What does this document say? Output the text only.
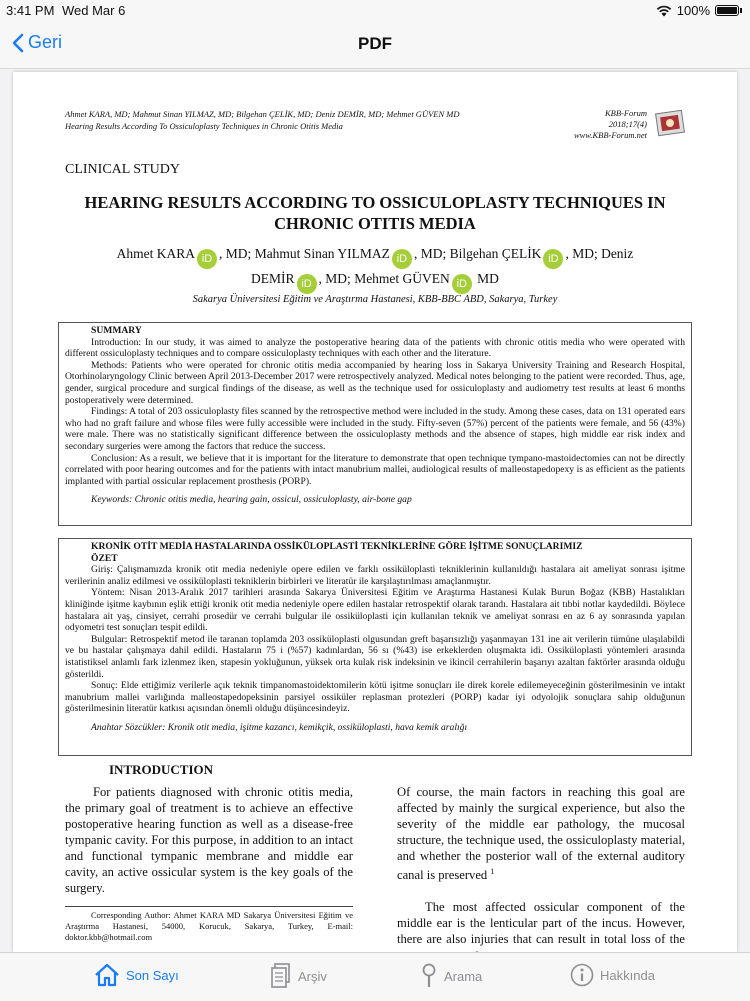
3:41 PM Wed Mar 6	100%
Geri	PDF
Ahmet KARA, MD; Mahmut Sinan YILMAZ, MD; Bilgehan ÇELİK, MD; Deniz DEMİR, MD; Mehmet GÜVEN MD
Hearing Results According To Ossiculoplasty Techniques in Chronic Otitis Media
KBB-Forum
2018;17(4)
www.KBB-Forum.net
CLINICAL STUDY
HEARING RESULTS ACCORDING TO OSSICULOPLASTY TECHNIQUES IN CHRONIC OTITIS MEDIA
Ahmet KARA iD , MD; Mahmut Sinan YILMAZ iD , MD; Bilgehan ÇELİK iD , MD; Deniz
DEMİR iD , MD; Mehmet GÜVEN iD MD
Sakarya Üniversitesi Eğitim ve Araştırma Hastanesi, KBB-BBC ABD, Sakarya, Turkey
SUMMARY

Introduction: In our study, it was aimed to analyze the postoperative hearing data of the patients with chronic otitis media who were operated with different ossiculoplasty techniques and to compare ossiculoplasty techniques with each other and the literature.

Methods: Patients who were operated for chronic otitis media accompanied by hearing loss in Sakarya University Training and Research Hospital, Otorhinolaryngology Clinic between April 2013-December 2017 were retrospectively analyzed. Medical notes belonging to the patient were recorded. Thus, age, gender, surgical procedure and surgical findings of the disease, as well as the technique used for ossiculoplasty and audiometry test results at least 6 months postoperatively were determined.

Findings: A total of 203 ossiculoplasty files scanned by the retrospective method were included in the study. Among these cases, data on 131 operated ears who had no graft failure and whose files were fully accessible were included in the study. Fifty-seven (57%) percent of the patients were female, and 56 (43%) were male. There was no statistically significant difference between the ossiculoplasty methods and the absence of stapes, high middle ear risk index and secondary surgeries were among the factors that reduce the success.

Conclusion: As a result, we believe that it is important for the literature to demonstrate that open technique tympano-mastoidectomies can not be directly correlated with poor hearing outcomes and for the patients with intact manubrium mallei, audiological results of malleostapedopexy is as efficient as the patients implanted with partial ossicular replacement prosthesis (PORP).

Keywords: Chronic otitis media, hearing gain, ossicul, ossiculoplasty, air-bone gap
KRONİK OTİT MEDİA HASTALARINDA OSSİKÜLOPLASTİ TEKNİKLERİNE GÖRE İŞİTME SONUÇLARIMIZ
ÖZET

Giriş: Çalışmamızda kronik otit media nedeniyle opere edilen ve farklı ossiküloplasti tekniklerinin kullanıldığı hastalara ait ameliyat sonrası işitme verilerinin analiz edilmesi ve ossiküloplasti tekniklerin birbirleri ve literatür ile karşılaştırılması amaçlanmıştır.

Yöntem: Nisan 2013-Aralık 2017 tarihleri arasında Sakarya Üniversitesi Eğitim ve Araştırma Hastanesi Kulak Burun Boğaz (KBB) Hastalıkları kliniğinde işitme kaybının eşlik ettiği kronik otit media nedeniyle opere edilen hastalar retrospektif olarak tarandı. Hastalara ait tıbbi notlar kaydedildi. Böylece hastalara ait yaş, cinsiyet, cerrahi prosedür ve cerrahi bulgular ile ossiküloplasti için kullanılan teknik ve ameliyat sonrası en az 6 ay sonrasında yapılan odyometri test sonuçları tespit edildi.

Bulgular: Retrospektif metod ile taranan toplamda 203 ossiküloplasti olgusundan greft başarısızlığı yaşanmayan 131 ine ait verilerin tümüne ulaşılabildi ve bu hastalar çalışmaya dahil edildi. Hastaların 75 i (%57) kadınlardan, 56 sı (%43) ise erkeklerden oluşmakta idi. Ossiküloplasti yöntemleri arasında istatistiksel anlamlı fark izlenmez iken, stapesin yokluğunun, yüksek orta kulak risk indeksinin ve ikincil cerrahilerin başarıyı azaltan faktörler arasında olduğu gösterildi.

Sonuç: Elde ettiğimiz verilerle açık teknik timpanomastoidektomilerin kötü işitme sonuçları ile direk korele edilemeyeceğinin gösterilmesinin ve intakt manubrium mallei varlığında malleostapedopeksinin parsiyel ossiküler replasman protezleri (PORP) kadar iyi odyolojik sonuçlara sahip olduğunun gösterilmesinin literatür katkısı açısından önemli olduğu düşüncesindeyiz.

Anahtar Sözcükler: Kronik otit media, işitme kazancı, kemikçik, ossiküloplasti, hava kemik aralığı

INTRODUCTION

For patients diagnosed with chronic otitis media, the primary goal of treatment is to achieve an effective postoperative hearing function as well as a disease-free tympanic cavity. For this purpose, in addition to an intact and functional tympanic membrane and middle ear cavity, an active ossicular system is the key goals of the surgery.

Corresponding Author: Ahmet KARA MD Sakarya Üniversitesi Eğitim ve Araştırma Hastanesi, 54000, Korucuk, Sakarya, Turkey, E-mail: doktor.kbb@hotmail.com

Of course, the main factors in reaching this goal are affected by mainly the surgical experience, but also the severity of the middle ear pathology, the mucosal structure, the technique used, the ossiculoplasty material, and whether the posterior wall of the external auditory canal is preserved $^1$

The most affected ossicular component of the middle ear is the lenticular part of the incus. However, there are also injuries that can result in total loss of the

Son Sayı	Arşiv	Arama	Hakkında
